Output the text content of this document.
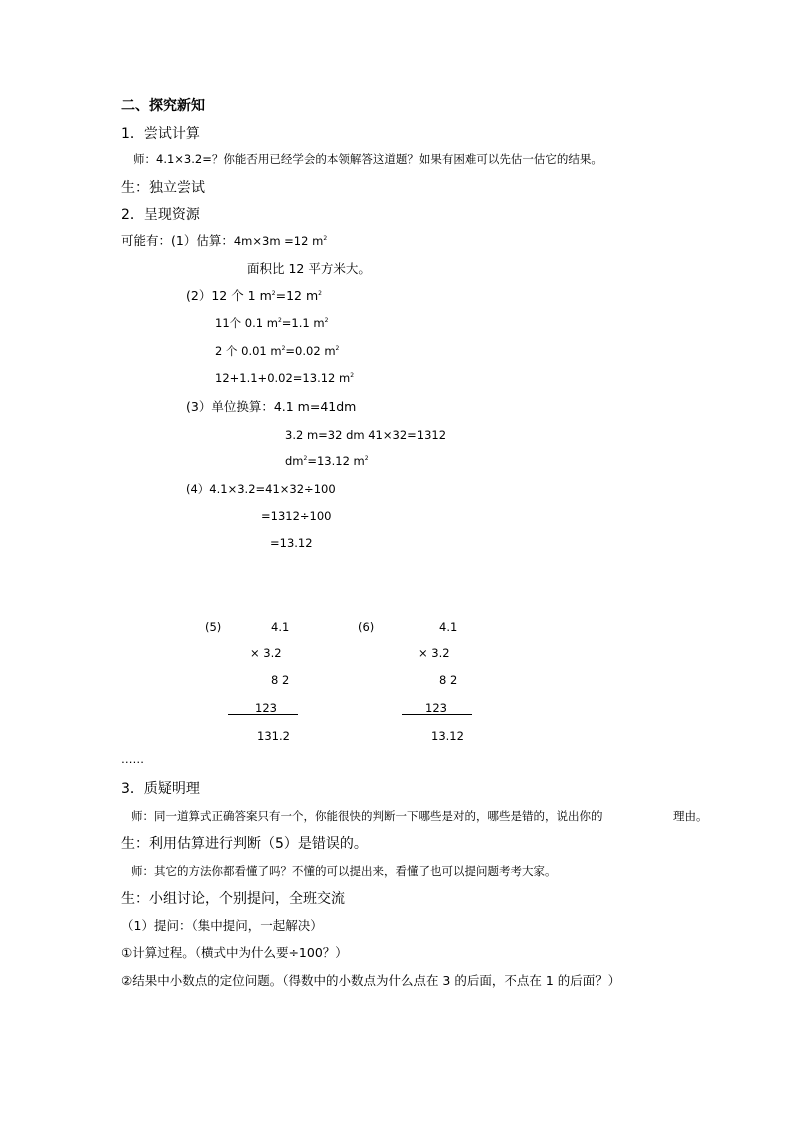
二、探究新知
1．尝试计算
师：4.1×3.2=？你能否用已经学会的本领解答这道题？如果有困难可以先估一估它的结果。
生：独立尝试
2．呈现资源
可能有：(1）估算：4m×3m =12 $m^2$
面积比 12 平方米大。
(2）12 个 1 $m^2=12$ $m^2$
11个 0.1 $m^2=1.1$ $m^2$
2 个 0.01 $m^2=0.02$ $m^2$
12+1.1+0.02=13.12 $m^2$
(3）单位换算：4.1 m=41dm
3.2 m=32 dm 41×32=1312
$dm^2=13.12$ $m^2$
(4）4.1×3.2=41×32÷100
=1312÷100
=13.12
(5)	4.1
× 3.2
8 2
123
131.2
(6)	4.1
× 3.2
8 2
123
13.12
……
3．质疑明理
师：同一道算式正确答案只有一个，你能很快的判断一下哪些是对的，哪些是错的，说出你的	理由。
生：利用估算进行判断（5）是错误的。
师：其它的方法你都看懂了吗？不懂的可以提出来，看懂了也可以提问题考考大家。
生：小组讨论，个别提问，全班交流
（1）提问：（集中提问，一起解决）
①计算过程。（横式中为什么要÷100？）
②结果中小数点的定位问题。（得数中的小数点为什么点在 3 的后面，不点在 1 的后面？）
